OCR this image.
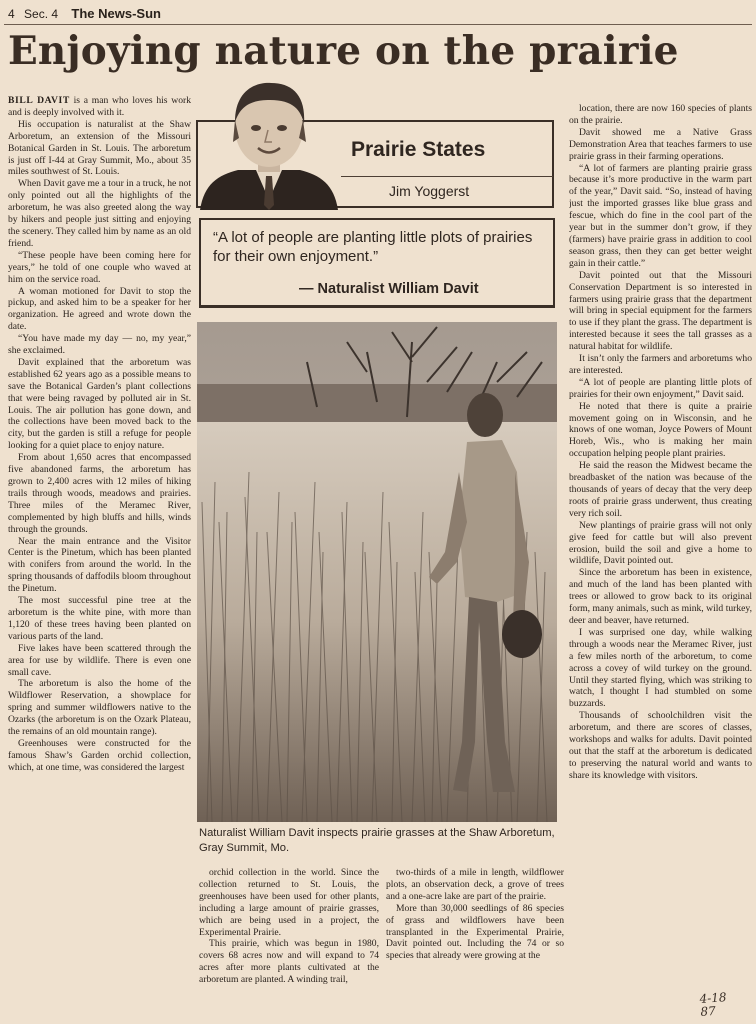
4 Sec. 4 The News-Sun
Enjoying nature on the prairie

BILL DAVIT is a man who loves his work and is deeply involved with it.

His occupation is naturalist at the Shaw Arboretum, an extension of the Missouri Botanical Garden in St. Louis. The arboretum is just off I-44 at Gray Summit, Mo., about 35 miles southwest of St. Louis.

When Davit gave me a tour in a truck, he not only pointed out all the highlights of the arboretum, he was also greeted along the way by hikers and people just sitting and enjoying the scenery. They called him by name as an old friend.

“These people have been coming here for years,” he told of one couple who waved at him on the service road.

A woman motioned for Davit to stop the pickup, and asked him to be a speaker for her organization. He agreed and wrote down the date.

“You have made my day — no, my year,” she exclaimed.

Davit explained that the arboretum was established 62 years ago as a possible means to save the Botanical Garden’s plant collections that were being ravaged by polluted air in St. Louis. The air pollution has gone down, and the collections have been moved back to the city, but the garden is still a refuge for people looking for a quiet place to enjoy nature.

From about 1,650 acres that encompassed five abandoned farms, the arboretum has grown to 2,400 acres with 12 miles of hiking trails through woods, meadows and prairies. Three miles of the Meramec River, complemented by high bluffs and hills, winds through the grounds.

Near the main entrance and the Visitor Center is the Pinetum, which has been planted with conifers from around the world. In the spring thousands of daffodils bloom throughout the Pinetum.

The most successful pine tree at the arboretum is the white pine, with more than 1,120 of these trees having been planted on various parts of the land.

Five lakes have been scattered through the area for use by wildlife. There is even one small cave.

The arboretum is also the home of the Wildflower Reservation, a showplace for spring and summer wildflowers native to the Ozarks (the arboretum is on the Ozark Plateau, the remains of an old mountain range).

Greenhouses were constructed for the famous Shaw’s Garden orchid collection, which, at one time, was considered the largest

Prairie States
Jim Yoggerst
“A lot of people are planting little plots of prairies for their own enjoyment.”
— Naturalist William Davit
Naturalist William Davit inspects prairie grasses at the Shaw Arboretum, Gray Summit, Mo.

orchid collection in the world. Since the collection returned to St. Louis, the greenhouses have been used for other plants, including a large amount of prairie grasses, which are being used in a project, the Experimental Prairie.

This prairie, which was begun in 1980, covers 68 acres now and will expand to 74 acres after more plants cultivated at the arboretum are planted. A winding trail,

two-thirds of a mile in length, wildflower plots, an observation deck, a grove of trees and a one-acre lake are part of the prairie.

More than 30,000 seedlings of 86 species of grass and wildflowers have been transplanted in the Experimental Prairie, Davit pointed out. Including the 74 or so species that already were growing at the

location, there are now 160 species of plants on the prairie.

Davit showed me a Native Grass Demonstration Area that teaches farmers to use prairie grass in their farming operations.

“A lot of farmers are planting prairie grass because it’s more productive in the warm part of the year,” Davit said. “So, instead of having just the imported grasses like blue grass and fescue, which do fine in the cool part of the year but in the summer don’t grow, if they (farmers) have prairie grass in addition to cool season grass, then they can get better weight gain in their cattle.”

Davit pointed out that the Missouri Conservation Department is so interested in farmers using prairie grass that the department will bring in special equipment for the farmers to use if they plant the grass. The department is interested because it sees the tall grasses as a natural habitat for wildlife.

It isn’t only the farmers and arboretums who are interested.

“A lot of people are planting little plots of prairies for their own enjoyment,” Davit said.

He noted that there is quite a prairie movement going on in Wisconsin, and he knows of one woman, Joyce Powers of Mount Horeb, Wis., who is making her main occupation helping people plant prairies.

He said the reason the Midwest became the breadbasket of the nation was because of the thousands of years of decay that the very deep roots of prairie grass underwent, thus creating very rich soil.

New plantings of prairie grass will not only give feed for cattle but will also prevent erosion, build the soil and give a home to wildlife, Davit pointed out.

Since the arboretum has been in existence, and much of the land has been planted with trees or allowed to grow back to its original form, many animals, such as mink, wild turkey, deer and beaver, have returned.

I was surprised one day, while walking through a woods near the Meramec River, just a few miles north of the arboretum, to come across a covey of wild turkey on the ground. Until they started flying, which was striking to watch, I thought I had stumbled on some buzzards.

Thousands of schoolchildren visit the arboretum, and there are scores of classes, workshops and walks for adults. Davit pointed out that the staff at the arboretum is dedicated to preserving the natural world and wants to share its knowledge with visitors.

4-18
87
